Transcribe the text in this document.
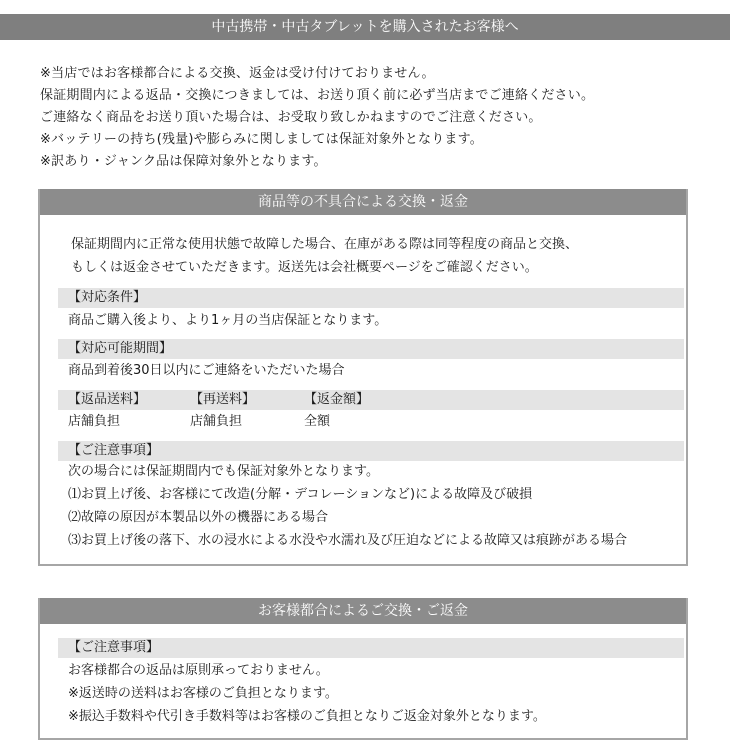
中古携帯・中古タブレットを購入されたお客様へ

※当店ではお客様都合による交換、返金は受け付けておりません。

保証期間内による返品・交換につきましては、お送り頂く前に必ず当店までご連絡ください。

ご連絡なく商品をお送り頂いた場合は、お受取り致しかねますのでご注意ください。

※バッテリーの持ち(残量)や膨らみに関しましては保証対象外となります。

※訳あり・ジャンク品は保障対象外となります。

商品等の不具合による交換・返金

保証期間内に正常な使用状態で故障した場合、在庫がある際は同等程度の商品と交換、

もしくは返金させていただきます。返送先は会社概要ページをご確認ください。

【対応条件】
商品ご購入後より、より1ヶ月の当店保証となります。
【対応可能期間】
商品到着後30日以内にご連絡をいただいた場合
【返品送料】	【再送料】	【返金額】
店舗負担	店舗負担	全額
【ご注意事項】
次の場合には保証期間内でも保証対象外となります。
⑴お買上げ後、お客様にて改造(分解・デコレーションなど)による故障及び破損
⑵故障の原因が本製品以外の機器にある場合
⑶お買上げ後の落下、水の浸水による水没や水濡れ及び圧迫などによる故障又は痕跡がある場合
お客様都合によるご交換・ご返金
【ご注意事項】
お客様都合の返品は原則承っておりません。
※返送時の送料はお客様のご負担となります。
※振込手数料や代引き手数料等はお客様のご負担となりご返金対象外となります。
